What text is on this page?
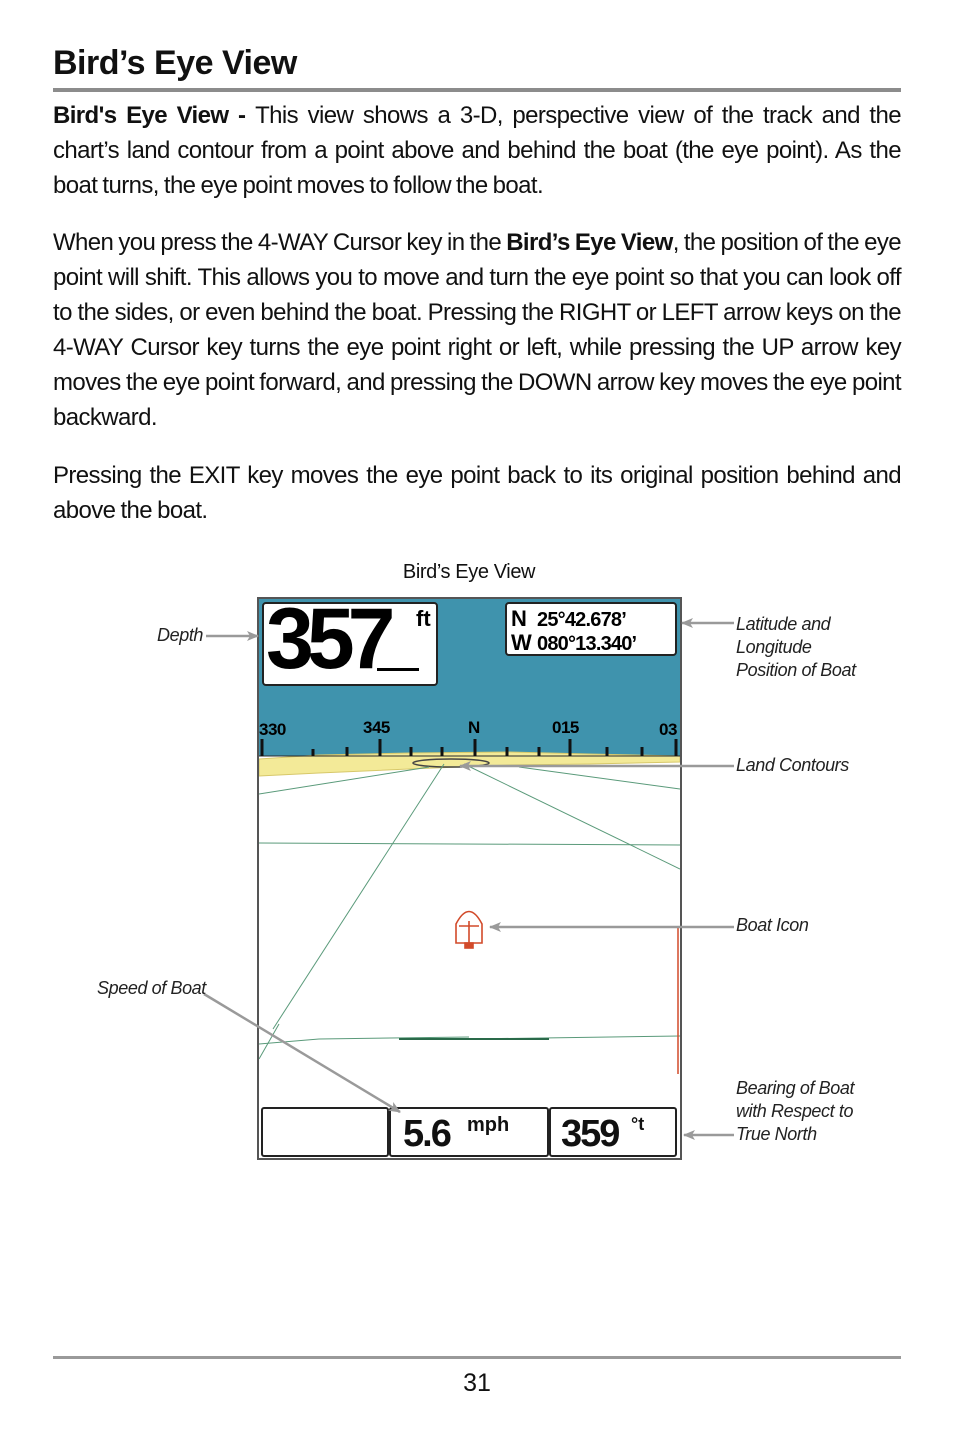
Bird’s Eye View

Bird's Eye View - This view shows a 3-D, perspective view of the track and the chart’s land contour from a point above and behind the boat (the eye point). As the boat turns, the eye point moves to follow the boat.

When you press the 4-WAY Cursor key in the Bird’s Eye View, the position of the eye point will shift. This allows you to move and turn the eye point so that you can look off to the sides, or even behind the boat. Pressing the RIGHT or LEFT arrow keys on the 4-WAY Cursor key turns the eye point right or left, while pressing the UP arrow key moves the eye point forward, and pressing the DOWN arrow key moves the eye point backward.

Pressing the EXIT key moves the eye point back to its original position behind and above the boat.

Bird’s Eye View
357 ft	N 25°42.678’
W 080°13.340’
330	345	N	015	03
5.6 mph 359 °t
Depth
Speed of Boat
Latitude and
Longitude
Position of Boat
Land Contours
Boat Icon
Bearing of Boat
with Respect to
True North
31
